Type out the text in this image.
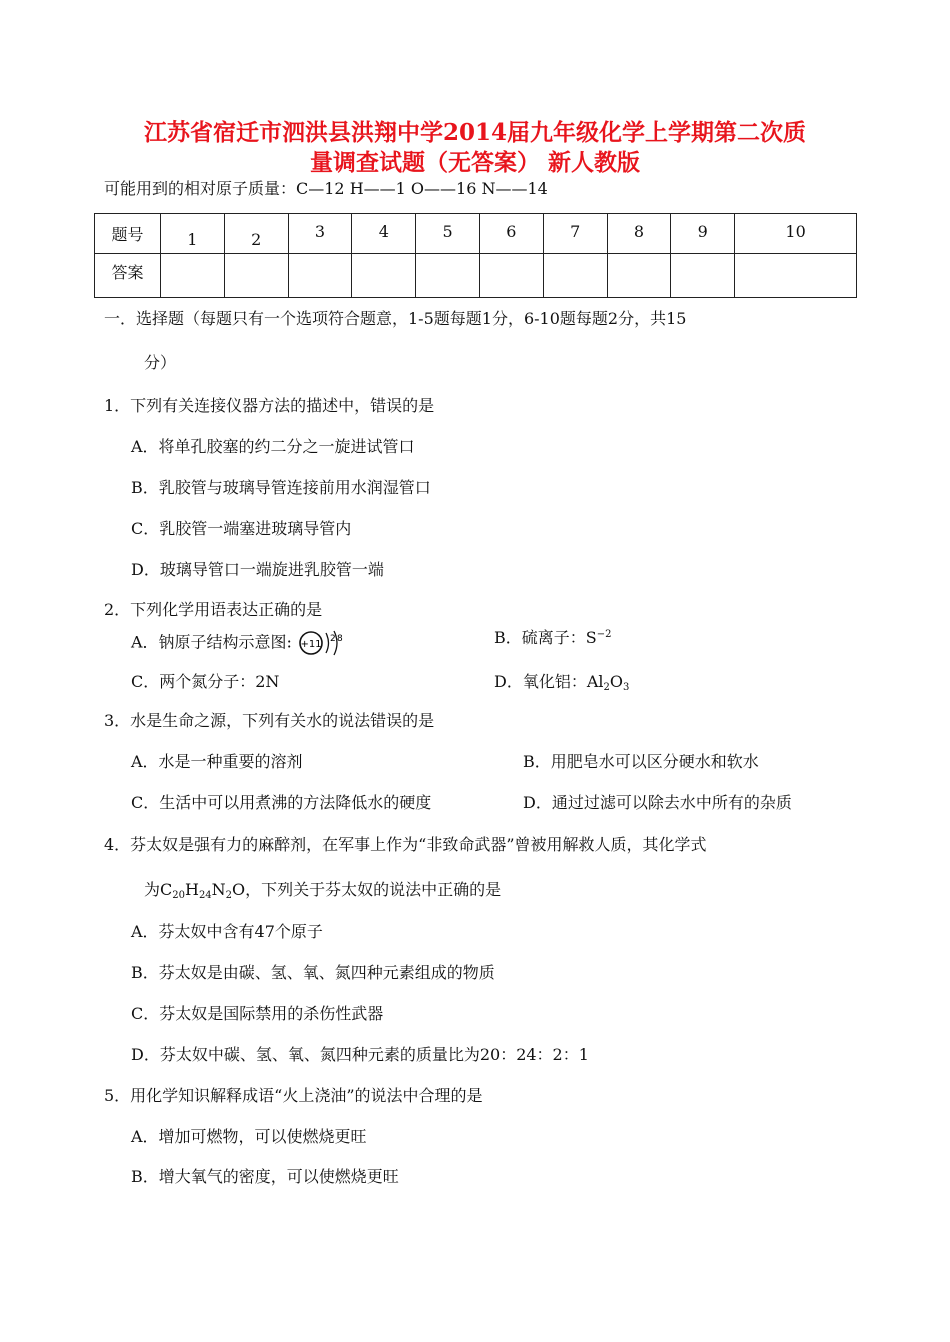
江苏省宿迁市泗洪县洪翔中学2014届九年级化学上学期第二次质
量调查试题（无答案） 新人教版
可能用到的相对原子质量：C—12 H——1 O——16 N——14
题号	1	2	3	4	5	6	7	8	9	10
答案										
一．选择题（每题只有一个选项符合题意，1-5题每题1分，6-10题每题2分，共15
分）
1．下列有关连接仪器方法的描述中，错误的是
A．将单孔胶塞的约二分之一旋进试管口
B．乳胶管与玻璃导管连接前用水润湿管口
C．乳胶管一端塞进玻璃导管内
D．玻璃导管口一端旋进乳胶管一端
2．下列化学用语表达正确的是
A．钠原子结构示意图: +11 2 8	B．硫离子：$S^{-2}$
C．两个氮分子：2N	D．氧化铝：$Al_2O_3$
3．水是生命之源，下列有关水的说法错误的是
A．水是一种重要的溶剂	B．用肥皂水可以区分硬水和软水
C．生活中可以用煮沸的方法降低水的硬度	D．通过过滤可以除去水中所有的杂质
4．芬太奴是强有力的麻醉剂，在军事上作为“非致命武器”曾被用解救人质，其化学式
为$C_{20}H_{24}N_2O$，下列关于芬太奴的说法中正确的是
A．芬太奴中含有47个原子
B．芬太奴是由碳、氢、氧、氮四种元素组成的物质
C．芬太奴是国际禁用的杀伤性武器
D．芬太奴中碳、氢、氧、氮四种元素的质量比为20：24：2：1
5．用化学知识解释成语“火上浇油”的说法中合理的是
A．增加可燃物，可以使燃烧更旺
B．增大氧气的密度，可以使燃烧更旺
